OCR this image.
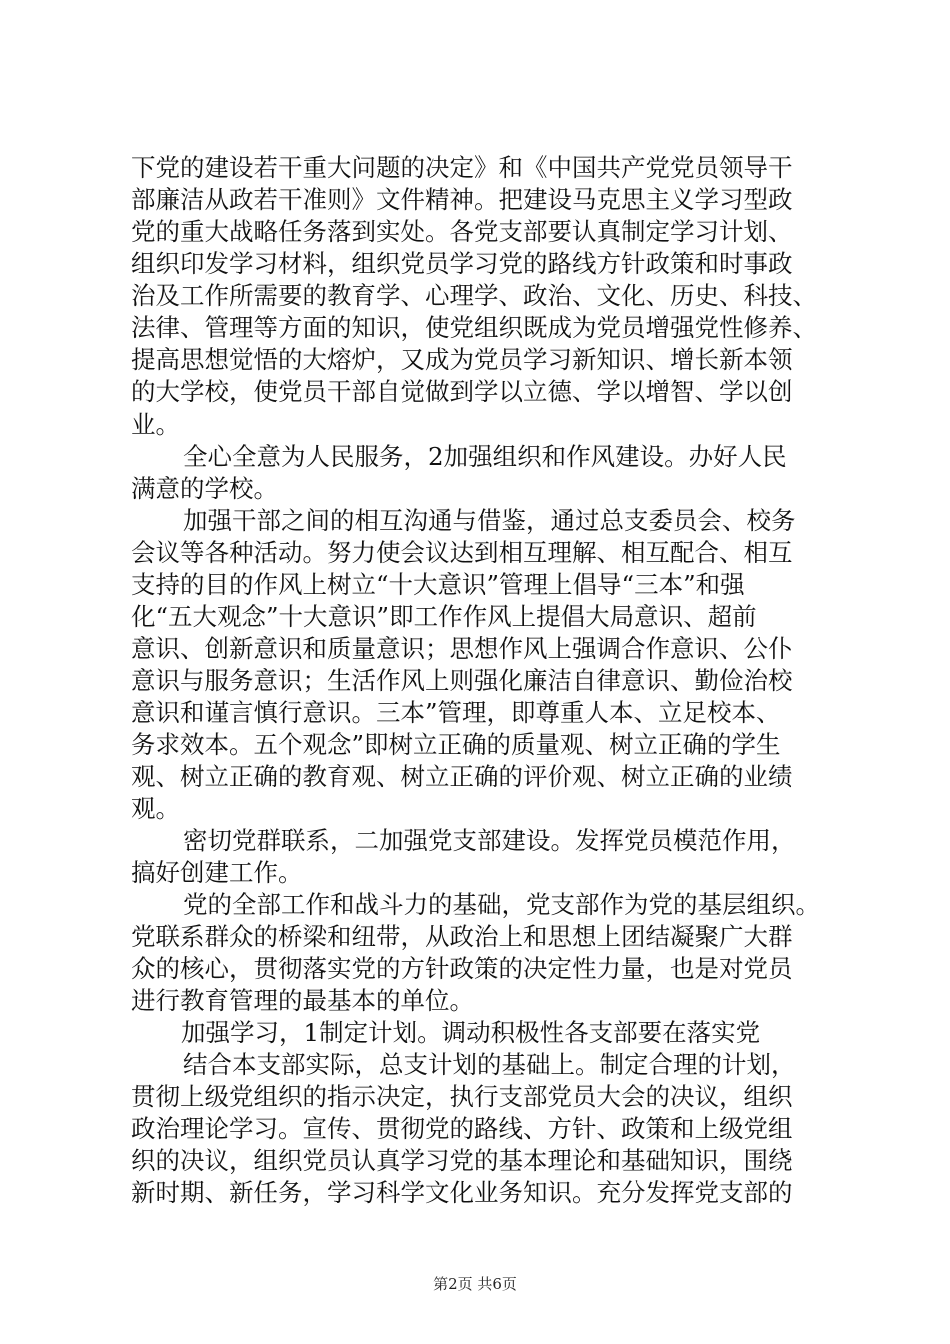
下党的建设若干重大问题的决定》和《中国共产党党员领导干
部廉洁从政若干准则》文件精神。把建设马克思主义学习型政
党的重大战略任务落到实处。各党支部要认真制定学习计划、
组织印发学习材料，组织党员学习党的路线方针政策和时事政
治及工作所需要的教育学、心理学、政治、文化、历史、科技、
法律、管理等方面的知识，使党组织既成为党员增强党性修养、
提高思想觉悟的大熔炉，又成为党员学习新知识、增长新本领
的大学校，使党员干部自觉做到学以立德、学以增智、学以创
业。
全心全意为人民服务，2加强组织和作风建设。办好人民
满意的学校。
加强干部之间的相互沟通与借鉴，通过总支委员会、校务
会议等各种活动。努力使会议达到相互理解、相互配合、相互
支持的目的作风上树立“十大意识”管理上倡导“三本”和强
化“五大观念”十大意识”即工作作风上提倡大局意识、超前
意识、创新意识和质量意识；思想作风上强调合作意识、公仆
意识与服务意识；生活作风上则强化廉洁自律意识、勤俭治校
意识和谨言慎行意识。三本”管理，即尊重人本、立足校本、
务求效本。五个观念”即树立正确的质量观、树立正确的学生
观、树立正确的教育观、树立正确的评价观、树立正确的业绩
观。
密切党群联系，二加强党支部建设。发挥党员模范作用，
搞好创建工作。
党的全部工作和战斗力的基础，党支部作为党的基层组织。
党联系群众的桥梁和纽带，从政治上和思想上团结凝聚广大群
众的核心，贯彻落实党的方针政策的决定性力量，也是对党员
进行教育管理的最基本的单位。
加强学习，1制定计划。调动积极性各支部要在落实党
结合本支部实际，总支计划的基础上。制定合理的计划，
贯彻上级党组织的指示决定，执行支部党员大会的决议，组织
政治理论学习。宣传、贯彻党的路线、方针、政策和上级党组
织的决议，组织党员认真学习党的基本理论和基础知识，围绕
新时期、新任务，学习科学文化业务知识。充分发挥党支部的
第2页 共6页
